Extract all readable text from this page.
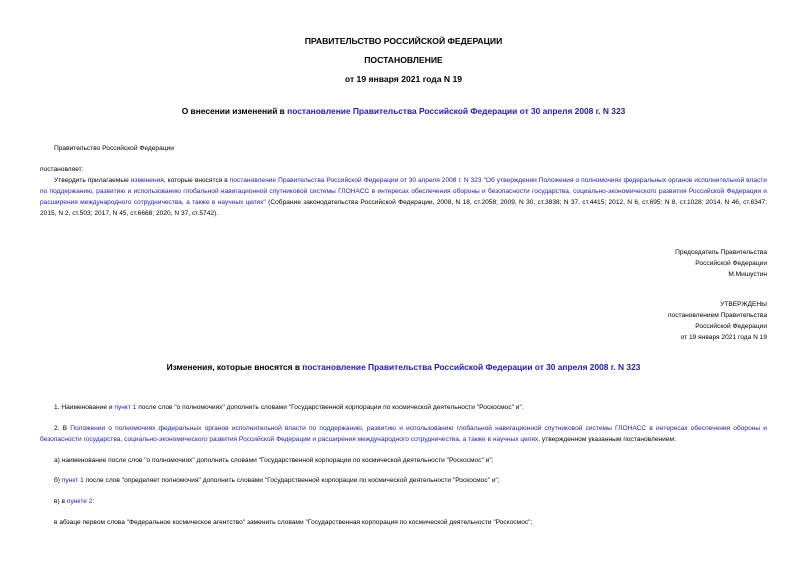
ПРАВИТЕЛЬСТВО РОССИЙСКОЙ ФЕДЕРАЦИИ
ПОСТАНОВЛЕНИЕ
от 19 января 2021 года N 19
О внесении изменений в постановление Правительства Российской Федерации от 30 апреля 2008 г. N 323
Правительство Российской Федерации
постановляет:
Утвердить прилагаемые изменения, которые вносятся в постановление Правительства Российской Федерации от 30 апреля 2008 г. N 323 "Об утверждении Положения о полномочиях федеральных органов исполнительной власти по поддержанию, развитию и использованию глобальной навигационной спутниковой системы ГЛОНАСС в интересах обеспечения обороны и безопасности государства, социально-экономического развития Российской Федерации и расширения международного сотрудничества, а также в научных целях" (Собрание законодательства Российской Федерации, 2008, N 18, ст.2058; 2009, N 30, ст.3838; N 37, ст.4415; 2012, N 6, ст.695; N 8, ст.1028; 2014, N 46, ст.6347; 2015, N 2, ст.503; 2017, N 45, ст.6668; 2020, N 37, ст.5742).
Председатель Правительства
Российской Федерации
М.Мишустин
УТВЕРЖДЕНЫ
постановлением Правительства
Российской Федерации
от 19 января 2021 года N 19
Изменения, которые вносятся в постановление Правительства Российской Федерации от 30 апреля 2008 г. N 323
1. Наименование и пункт 1 после слов "о полномочиях" дополнить словами "Государственной корпорации по космической деятельности "Роскосмос" и".
2. В Положении о полномочиях федеральных органов исполнительной власти по поддержанию, развитию и использованию глобальной навигационной спутниковой системы ГЛОНАСС в интересах обеспечения обороны и безопасности государства, социально-экономического развития Российской Федерации и расширения международного сотрудничества, а также в научных целях, утвержденном указанным постановлением:
а) наименование после слов "о полномочиях" дополнить словами "Государственной корпорации по космической деятельности "Роскосмос" и";
б) пункт 1 после слов "определяет полномочия" дополнить словами "Государственной корпорации по космической деятельности "Роскосмос" и";
в) в пункте 2:
в абзаце первом слова "Федеральное космическое агентство" заменить словами "Государственная корпорация по космической деятельности "Роскосмос";
